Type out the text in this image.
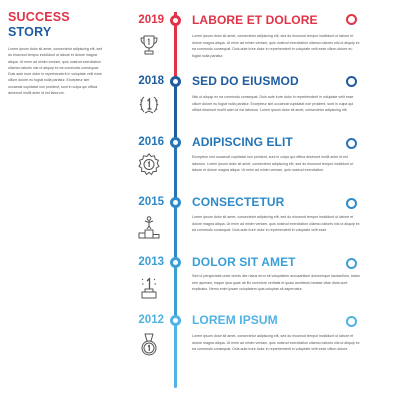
SUCCESS
STORY

Lorem ipsum dolor sit amet, consectetur adipiscing elit, sed do eiusmod tempor incididunt ut labore et dolore magna aliqua. Ut enim ad minim veniam, quis nostrud exercitation ullamco laboris nisi ut aliquip ex ea commodo consequat. Duis aute irure dolor in reprehenderit in voluptate velit esse cillum dolore eu fugiat nulla pariatur. Excepteur sint occaecat cupidatat non proident, sunt in culpa qui officia deserunt mollit anim id est laborum.

2019 LABORE ET DOLORE

Lorem ipsum dolor sit amet, consectetur adipiscing elit, sed do eiusmod tempor incididunt ut labore et dolore magna aliqua. Ut enim ad minim veniam, quis nostrud exercitation ullamco laboris nisi ut aliquip ex ea commodo consequat. Duis aute irure dolor in reprehenderit in voluptate velit esse cillum dolore eu fugiat nulla pariatur.

2018 SED DO EIUSMOD

Nisi ut aliquip ex ea commodo consequat. Duis aute irure dolor in reprehenderit in voluptate velit esse cillum dolore eu fugiat nulla pariatur. Excepteur sint occaecat cupidatat non proident, sunt in culpa qui officia deserunt mollit anim id est laborum. Lorem ipsum dolor sit amet, consectetur adipiscing elit.

2016 ADIPISCING ELIT

Excepteur sint occaecat cupidatat non proident, sunt in culpa qui officia deserunt mollit anim id est laborum. Lorem ipsum dolor sit amet, consectetur adipiscing elit, sed do eiusmod tempor incididunt ut labore et dolore magna aliqua. Ut enim ad minim veniam, quis nostrud exercitation.

2015 CONSECTETUR

Lorem ipsum dolor sit amet, consectetur adipiscing elit, sed do eiusmod tempor incididunt ut labore et dolore magna aliqua. Ut enim ad minim veniam, quis nostrud exercitation ullamco laboris nisi ut aliquip ex ea commodo consequat. Duis aute irure dolor in reprehenderit in voluptate velit esse.

2013 DOLOR SIT AMET

Sed ut perspiciatis unde omnis iste natus error sit voluptatem accusantium doloremque laudantium, totam rem aperiam, eaque ipsa quae ab illo inventore veritatis et quasi architecto beatae vitae dicta sunt explicabo. Nemo enim ipsam voluptatem quia voluptas sit aspernatur.

2012 LOREM IPSUM

Lorem ipsum dolor sit amet, consectetur adipiscing elit, sed do eiusmod tempor incididunt ut labore et dolore magna aliqua. Ut enim ad minim veniam, quis nostrud exercitation ullamco laboris nisi ut aliquip ex ea commodo consequat. Duis aute irure dolor in reprehenderit in voluptate velit esse cillum dolore.
